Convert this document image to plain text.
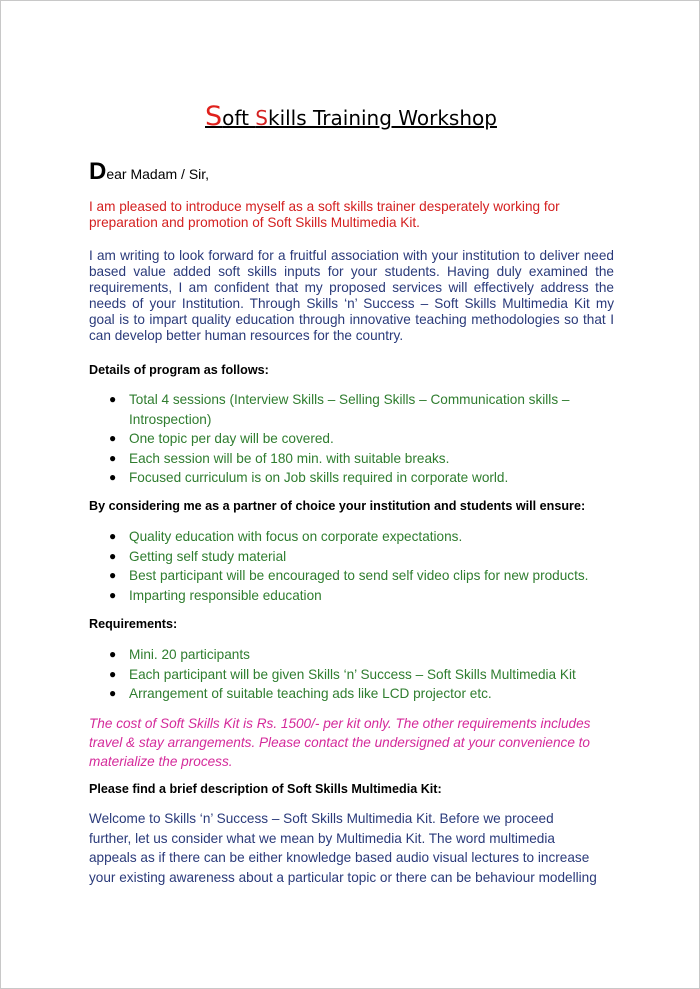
Soft Skills Training Workshop
Dear Madam / Sir,
I am pleased to introduce myself as a soft skills trainer desperately working for preparation and promotion of Soft Skills Multimedia Kit.
I am writing to look forward for a fruitful association with your institution to deliver need based value added soft skills inputs for your students. Having duly examined the requirements, I am confident that my proposed services will effectively address the needs of your Institution. Through Skills ‘n’ Success – Soft Skills Multimedia Kit my goal is to impart quality education through innovative teaching methodologies so that I can develop better human resources for the country.
Details of program as follows:
● Total 4 sessions (Interview Skills – Selling Skills – Communication skills – Introspection)
● One topic per day will be covered.
● Each session will be of 180 min. with suitable breaks.
● Focused curriculum is on Job skills required in corporate world.
By considering me as a partner of choice your institution and students will ensure:
● Quality education with focus on corporate expectations.
● Getting self study material
● Best participant will be encouraged to send self video clips for new products.
● Imparting responsible education
Requirements:
● Mini. 20 participants
● Each participant will be given Skills ‘n’ Success – Soft Skills Multimedia Kit
● Arrangement of suitable teaching ads like LCD projector etc.
The cost of Soft Skills Kit is Rs. 1500/- per kit only. The other requirements includes travel & stay arrangements. Please contact the undersigned at your convenience to materialize the process.
Please find a brief description of Soft Skills Multimedia Kit:
Welcome to Skills ‘n’ Success – Soft Skills Multimedia Kit. Before we proceed
further, let us consider what we mean by Multimedia Kit. The word multimedia
appeals as if there can be either knowledge based audio visual lectures to increase
your existing awareness about a particular topic or there can be behaviour modelling
